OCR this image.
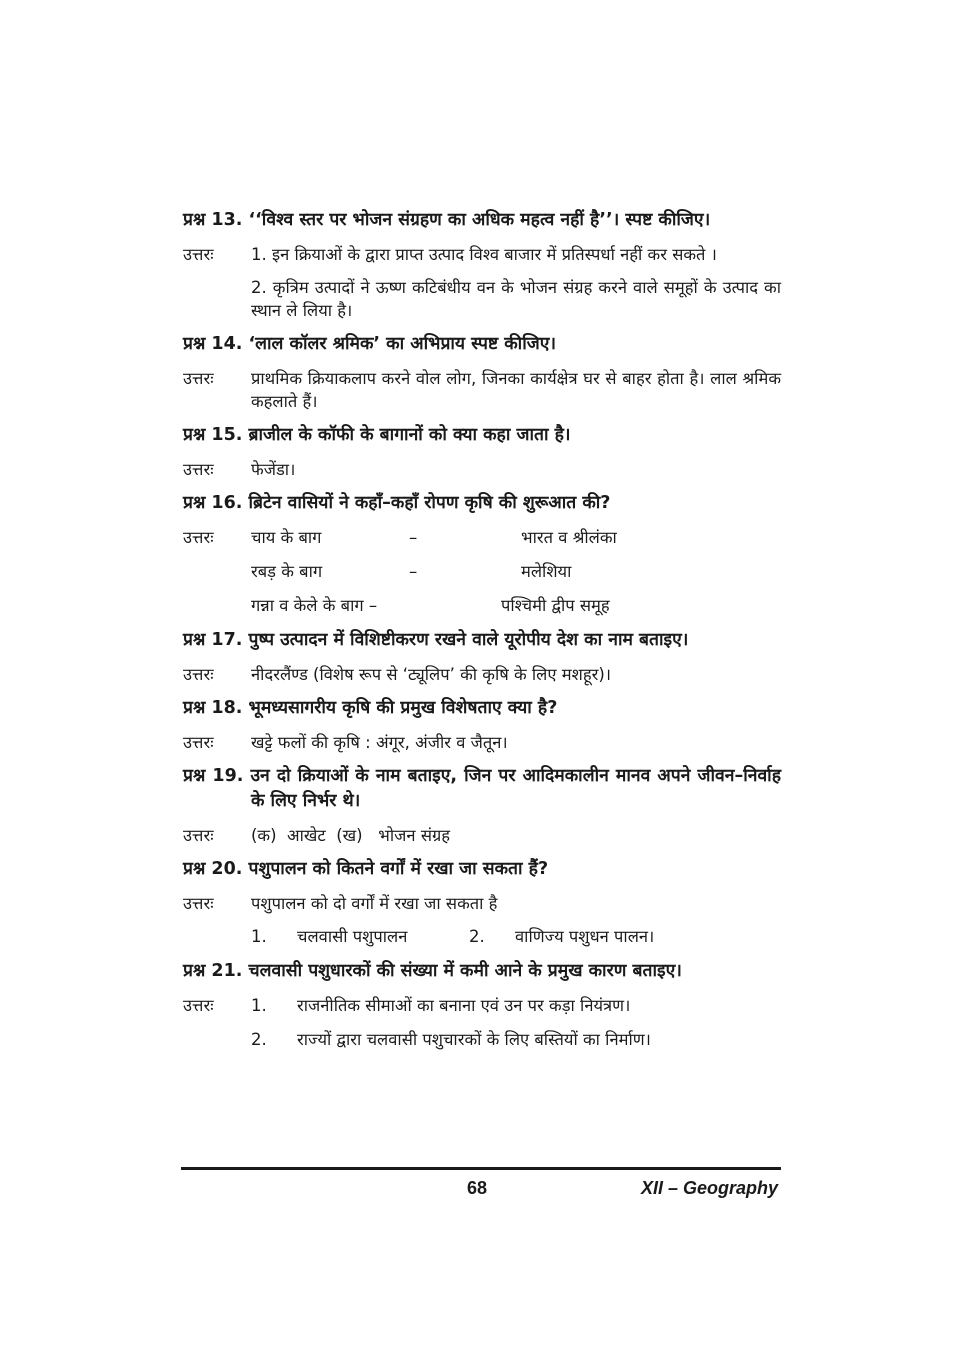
प्रश्न 13. ‘‘विश्व स्तर पर भोजन संग्रहण का अधिक महत्व नहीं है’’। स्पष्ट कीजिए।
उत्तरः	1. इन क्रियाओं के द्वारा प्राप्त उत्पाद विश्व बाजार में प्रतिस्पर्धा नहीं कर सकते ।
2. कृत्रिम उत्पादों ने ऊष्ण कटिबंधीय वन के भोजन संग्रह करने वाले समूहों के उत्पाद का स्थान ले लिया है।
प्रश्न 14. ‘लाल कॉलर श्रमिक’ का अभिप्राय स्पष्ट कीजिए।
उत्तरः	प्राथमिक क्रियाकलाप करने वोल लोग, जिनका कार्यक्षेत्र घर से बाहर होता है। लाल श्रमिक कहलाते हैं।
प्रश्न 15. ब्राजील के कॉफी के बागानों को क्या कहा जाता है।
उत्तरः	फेजेंडा।
प्रश्न 16. ब्रिटेन वासियों ने कहाँ–कहाँ रोपण कृषि की शुरूआत की?
उत्तरः	चाय के बाग	–	भारत व श्रीलंका
रबड़ के बाग	–	मलेशिया
गन्ना व केले के बाग –	पश्चिमी द्वीप समूह
प्रश्न 17. पुष्प उत्पादन में विशिष्टीकरण रखने वाले यूरोपीय देश का नाम बताइए।
उत्तरः	नीदरलैंण्ड (विशेष रूप से ‘ट्यूलिप’ की कृषि के लिए मशहूर)।
प्रश्न 18. भूमध्यसागरीय कृषि की प्रमुख विशेषताए क्या है?
उत्तरः	खट्टे फलों की कृषि : अंगूर, अंजीर व जैतून।
प्रश्न 19. उन दो क्रियाओं के नाम बताइए, जिन पर आदिमकालीन मानव अपने जीवन–निर्वाह के लिए निर्भर थे।
उत्तरः	(क)  आखेट  (ख)   भोजन संग्रह
प्रश्न 20. पशुपालन को कितने वर्गों में रखा जा सकता हैं?
उत्तरः	पशुपालन को दो वर्गों में रखा जा सकता है
1.	चलवासी पशुपालन	2.	वाणिज्य पशुधन पालन।
प्रश्न 21. चलवासी पशुधारकों की संख्या में कमी आने के प्रमुख कारण बताइए।
उत्तरः	1.	राजनीतिक सीमाओं का बनाना एवं उन पर कड़ा नियंत्रण।
2.	राज्यों द्वारा चलवासी पशुचारकों के लिए बस्तियों का निर्माण।
68	XII – Geography
